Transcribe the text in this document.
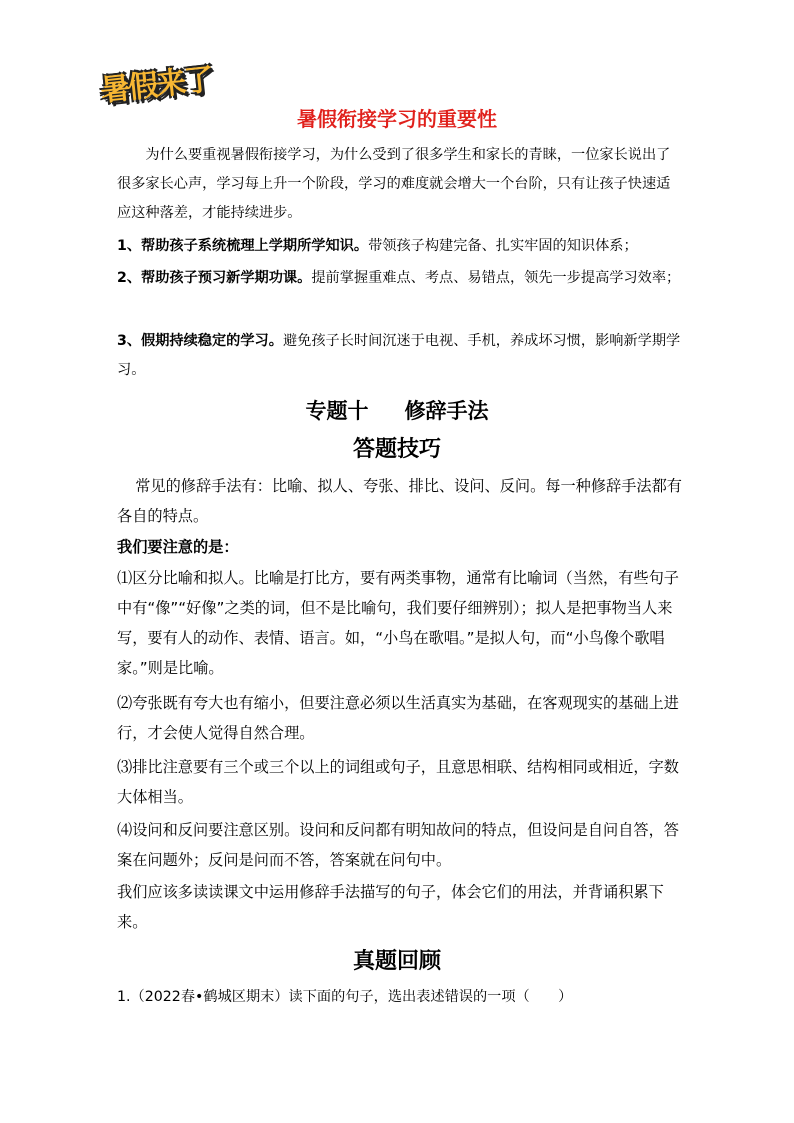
暑假来了
暑假衔接学习的重要性
为什么要重视暑假衔接学习，为什么受到了很多学生和家长的青睐，一位家长说出了很多家长心声，学习每上升一个阶段，学习的难度就会增大一个台阶，只有让孩子快速适应这种落差，才能持续进步。
1、帮助孩子系统梳理上学期所学知识。带领孩子构建完备、扎实牢固的知识体系；
2、帮助孩子预习新学期功课。提前掌握重难点、考点、易错点，领先一步提高学习效率；
3、假期持续稳定的学习。避免孩子长时间沉迷于电视、手机，养成坏习惯，影响新学期学习。
专题十 修辞手法
答题技巧
常见的修辞手法有：比喻、拟人、夸张、排比、设问、反问。每一种修辞手法都有各自的特点。
我们要注意的是：
⑴区分比喻和拟人。比喻是打比方，要有两类事物，通常有比喻词（当然，有些句子中有“像”“好像”之类的词，但不是比喻句，我们要仔细辨别）；拟人是把事物当人来写，要有人的动作、表情、语言。如，“小鸟在歌唱。”是拟人句，而“小鸟像个歌唱家。”则是比喻。
⑵夸张既有夸大也有缩小，但要注意必须以生活真实为基础，在客观现实的基础上进行，才会使人觉得自然合理。
⑶排比注意要有三个或三个以上的词组或句子，且意思相联、结构相同或相近，字数大体相当。
⑷设问和反问要注意区别。设问和反问都有明知故问的特点，但设问是自问自答，答案在问题外；反问是问而不答，答案就在问句中。
我们应该多读读课文中运用修辞手法描写的句子，体会它们的用法，并背诵积累下来。
真题回顾
1.（2022春•鹤城区期末）读下面的句子，选出表述错误的一项（　　）
